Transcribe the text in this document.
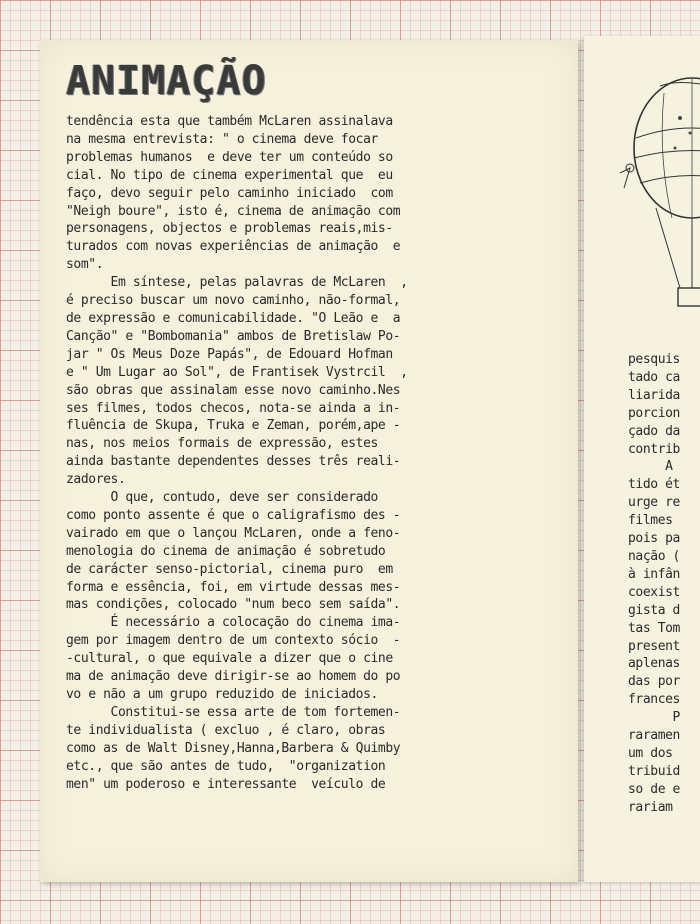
ANIMAÇÃO
tendência esta que também McLaren assinalava
na mesma entrevista: " o cinema deve focar
problemas humanos  e deve ter um conteúdo so
cial. No tipo de cinema experimental que  eu
faço, devo seguir pelo caminho iniciado  com
"Neigh boure", isto é, cinema de animação com
personagens, objectos e problemas reais,mis-
turados com novas experiências de animação  e
som".
Em síntese, pelas palavras de McLaren  ,
é preciso buscar um novo caminho, não-formal,
de expressão e comunicabilidade. "O Leão e  a
Canção" e "Bombomania" ambos de Bretislaw Po-
jar " Os Meus Doze Papás", de Edouard Hofman
e " Um Lugar ao Sol", de Frantisek Vystrcil  ,
são obras que assinalam esse novo caminho.Nes
ses filmes, todos checos, nota-se ainda a in-
fluência de Skupa, Truka e Zeman, porém,ape -
nas, nos meios formais de expressão, estes
ainda bastante dependentes desses três reali-
zadores.
O que, contudo, deve ser considerado
como ponto assente é que o caligrafismo des -
vairado em que o lançou McLaren, onde a feno-
menologia do cinema de animação é sobretudo
de carácter senso-pictorial, cinema puro  em
forma e essência, foi, em virtude dessas mes-
mas condições, colocado "num beco sem saída".
É necessário a colocação do cinema ima-
gem por imagem dentro de um contexto sócio  -
-cultural, o que equivale a dizer que o cine
ma de animação deve dirigir-se ao homem do po
vo e não a um grupo reduzido de iniciados.
Constitui-se essa arte de tom fortemen-
te individualista ( excluo , é claro, obras
como as de Walt Disney,Hanna,Barbera & Quimby
etc., que são antes de tudo,  "organization
men" um poderoso e interessante  veículo de
pesquis
tado ca
liarida
porcion
çado da
contrib
A
tido ét
urge re
filmes
pois pa
nação (
à infân
coexist
gista d
tas Tom
present
aplenas
das por
frances
P
raramen
um dos
tribuid
so de e
rariam
